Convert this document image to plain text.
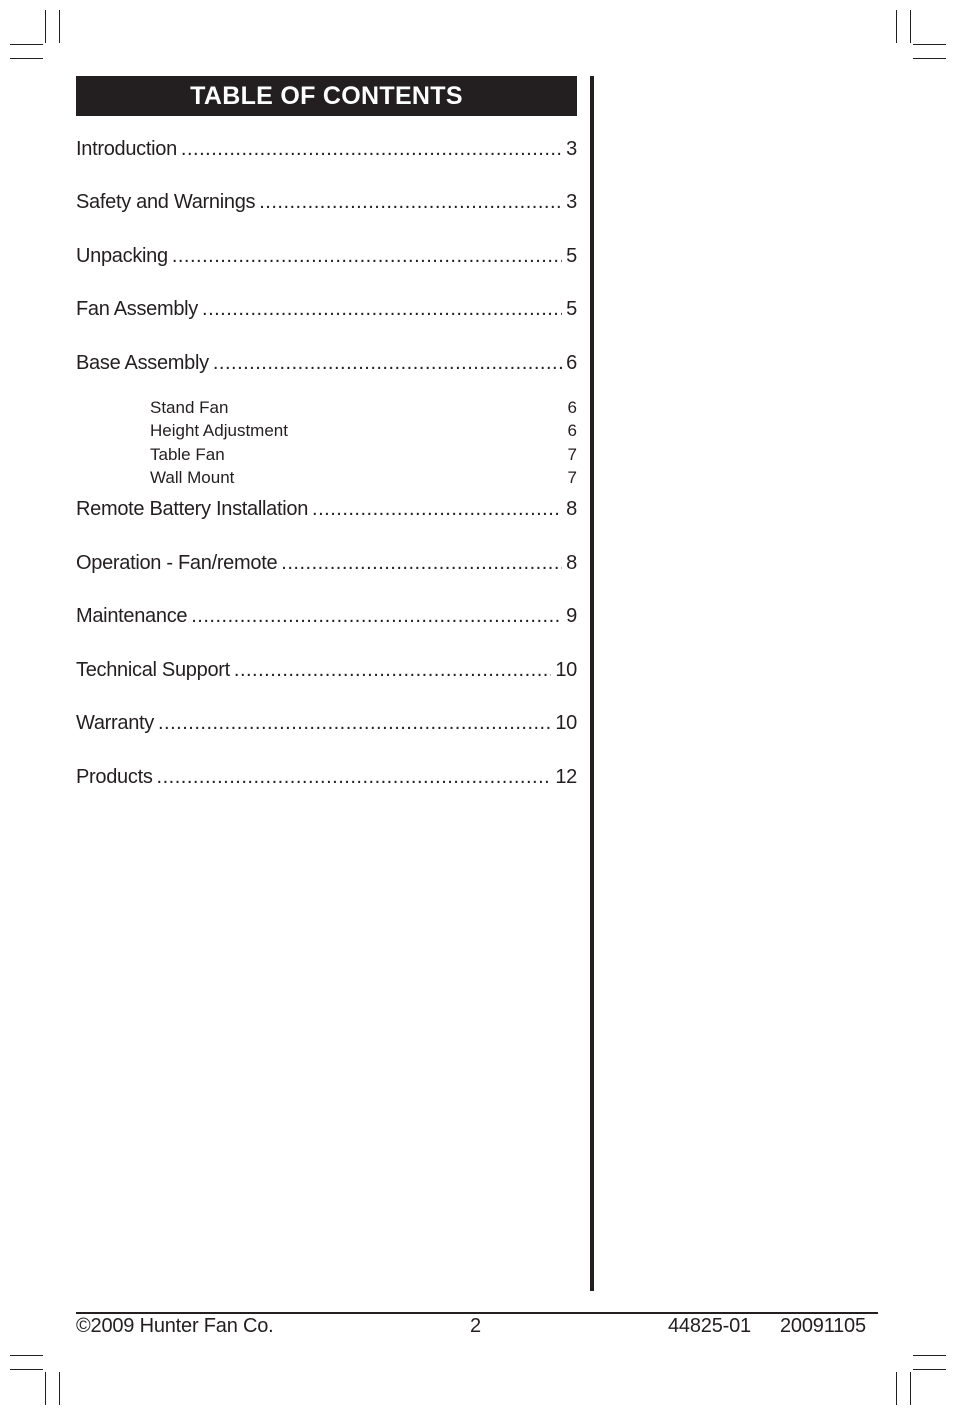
TABLE OF CONTENTS
Introduction .....	3
Safety and Warnings .....	3
Unpacking .....	5
Fan Assembly .....	5
Base Assembly .....	6
Stand Fan	6
Height Adjustment	6
Table Fan	7
Wall Mount	7
Remote Battery Installation .....	8
Operation - Fan/remote .....	8
Maintenance .....	9
Technical Support .....	10
Warranty .....	10
Products .....	12
©2009 Hunter Fan Co.	2	44825-01 20091105
